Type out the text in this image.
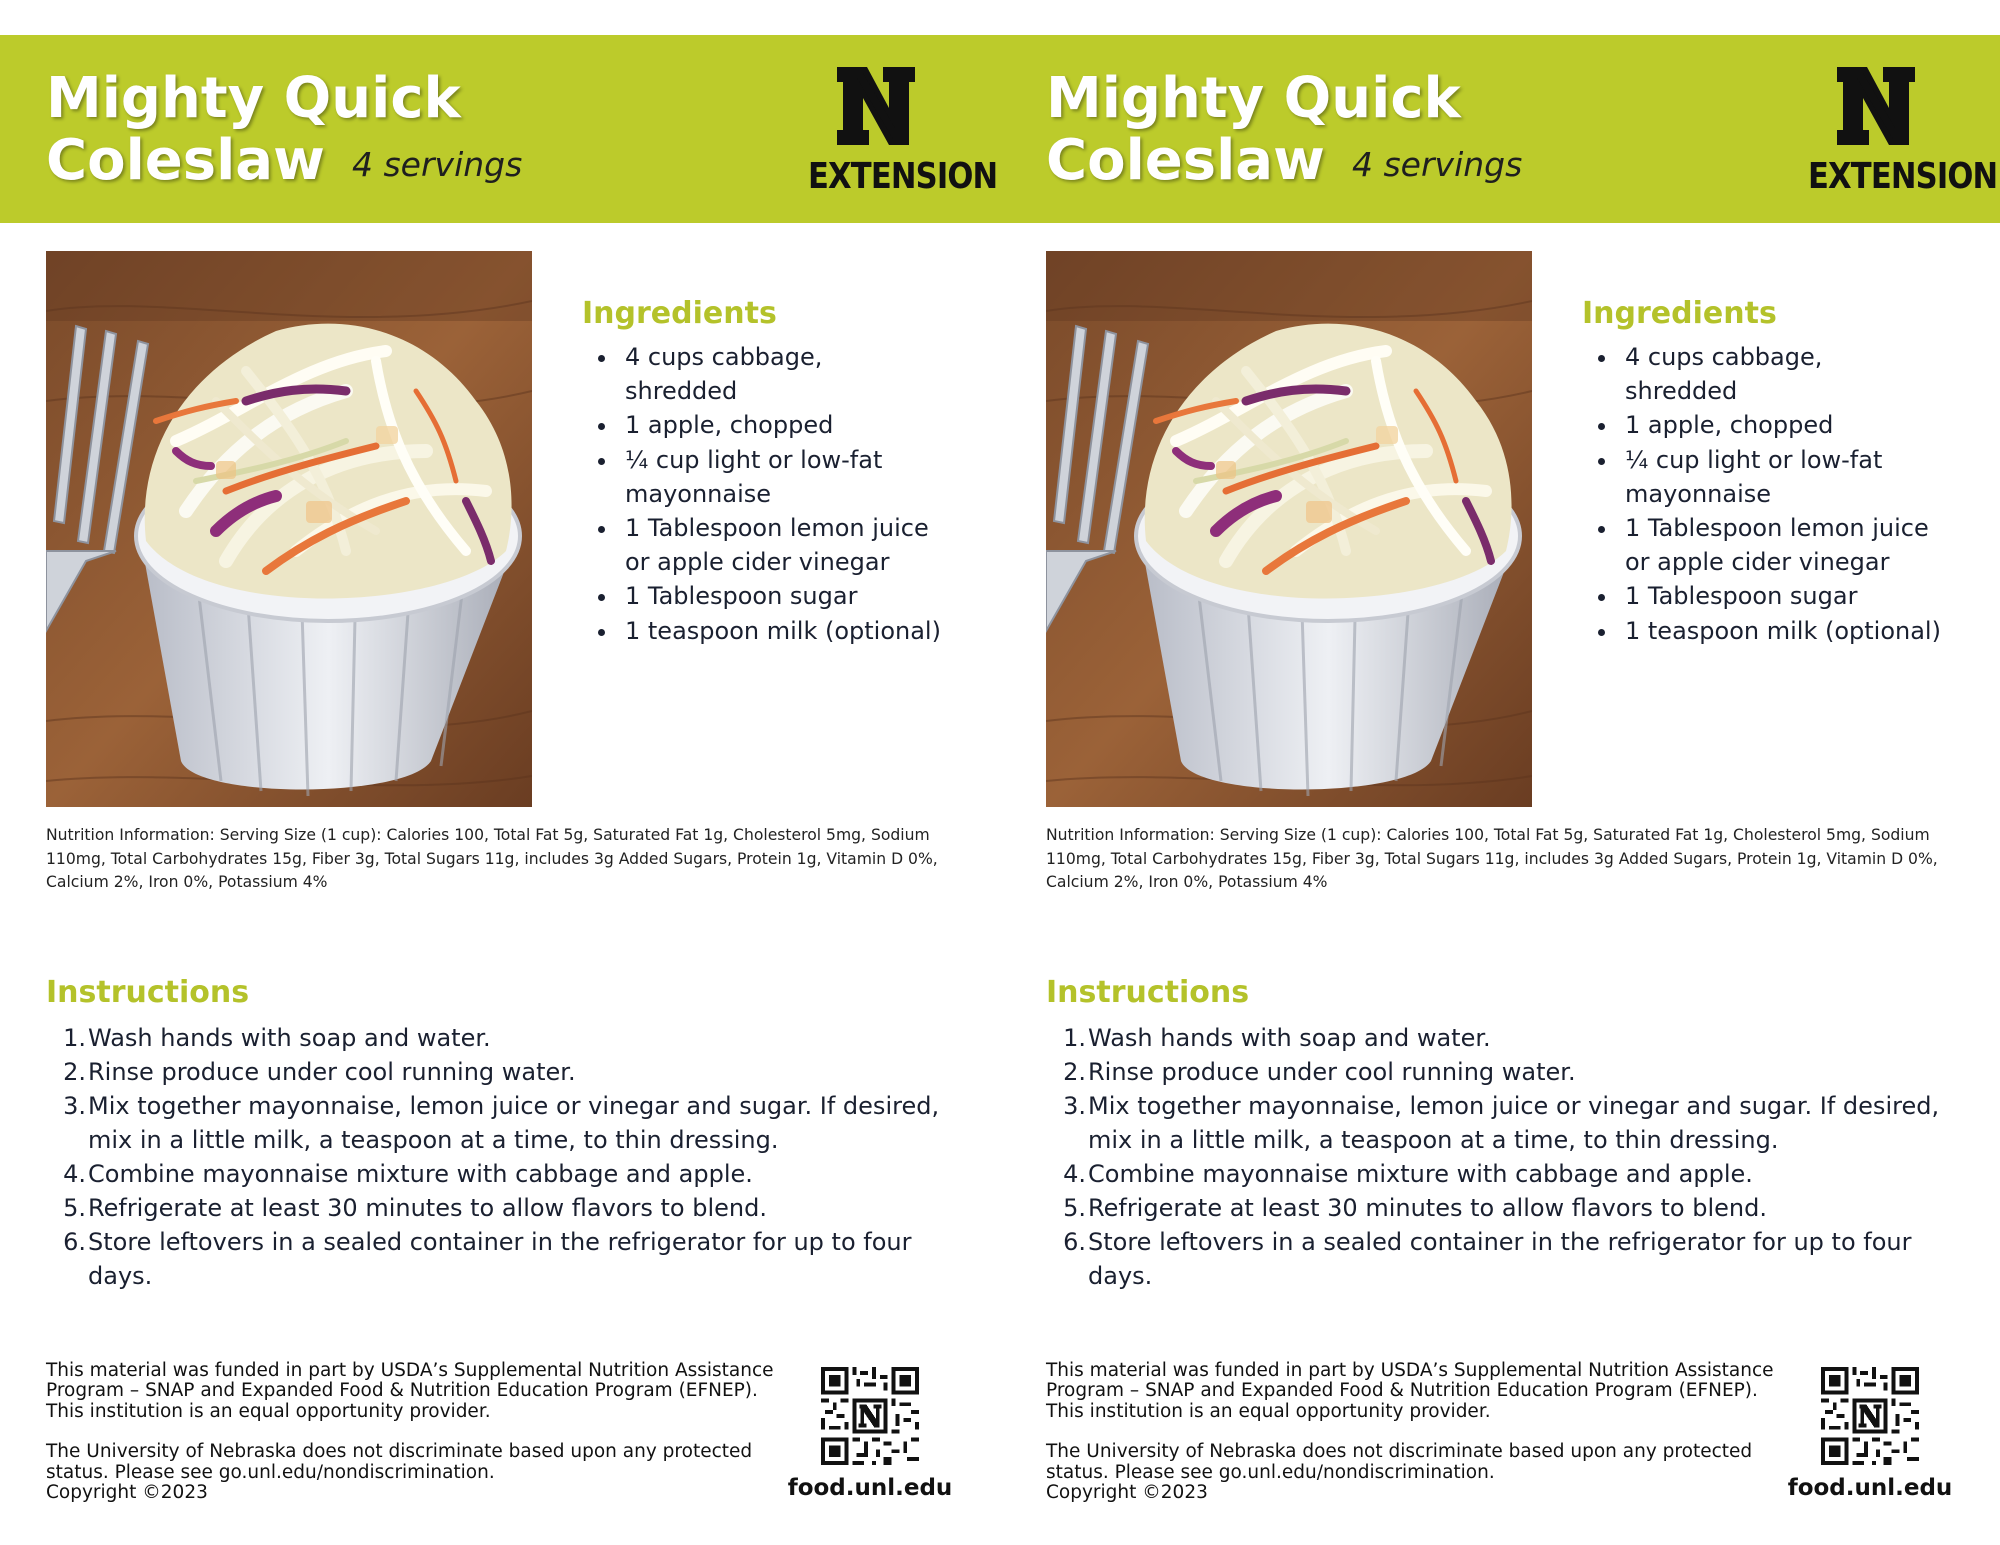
Mighty Quick
Coleslaw 4 servings	EXTENSION
Ingredients
4 cups cabbage, shredded
1 apple, chopped
¼ cup light or low-fat mayonnaise
1 Tablespoon lemon juice or apple cider vinegar
1 Tablespoon sugar
1 teaspoon milk (optional)

Nutrition Information: Serving Size (1 cup): Calories 100, Total Fat 5g, Saturated Fat 1g, Cholesterol 5mg, Sodium 110mg, Total Carbohydrates 15g, Fiber 3g, Total Sugars 11g, includes 3g Added Sugars, Protein 1g, Vitamin D 0%, Calcium 2%, Iron 0%, Potassium 4%

Instructions
1. Wash hands with soap and water.
2. Rinse produce under cool running water.
3. Mix together mayonnaise, lemon juice or vinegar and sugar. If desired, mix in a little milk, a teaspoon at a time, to thin dressing.
4. Combine mayonnaise mixture with cabbage and apple.
5. Refrigerate at least 30 minutes to allow flavors to blend.
6. Store leftovers in a sealed container in the refrigerator for up to four days.

This material was funded in part by USDA’s Supplemental Nutrition Assistance Program – SNAP and Expanded Food & Nutrition Education Program (EFNEP). This institution is an equal opportunity provider.

The University of Nebraska does not discriminate based upon any protected status. Please see go.unl.edu/nondiscrimination.
Copyright ©2023	food.unl.edu
Mighty Quick
Coleslaw 4 servings	EXTENSION
Ingredients
4 cups cabbage, shredded
1 apple, chopped
¼ cup light or low-fat mayonnaise
1 Tablespoon lemon juice or apple cider vinegar
1 Tablespoon sugar
1 teaspoon milk (optional)

Nutrition Information: Serving Size (1 cup): Calories 100, Total Fat 5g, Saturated Fat 1g, Cholesterol 5mg, Sodium 110mg, Total Carbohydrates 15g, Fiber 3g, Total Sugars 11g, includes 3g Added Sugars, Protein 1g, Vitamin D 0%, Calcium 2%, Iron 0%, Potassium 4%

Instructions
1. Wash hands with soap and water.
2. Rinse produce under cool running water.
3. Mix together mayonnaise, lemon juice or vinegar and sugar. If desired, mix in a little milk, a teaspoon at a time, to thin dressing.
4. Combine mayonnaise mixture with cabbage and apple.
5. Refrigerate at least 30 minutes to allow flavors to blend.
6. Store leftovers in a sealed container in the refrigerator for up to four days.

This material was funded in part by USDA’s Supplemental Nutrition Assistance Program – SNAP and Expanded Food & Nutrition Education Program (EFNEP). This institution is an equal opportunity provider.

The University of Nebraska does not discriminate based upon any protected status. Please see go.unl.edu/nondiscrimination.
Copyright ©2023	food.unl.edu
